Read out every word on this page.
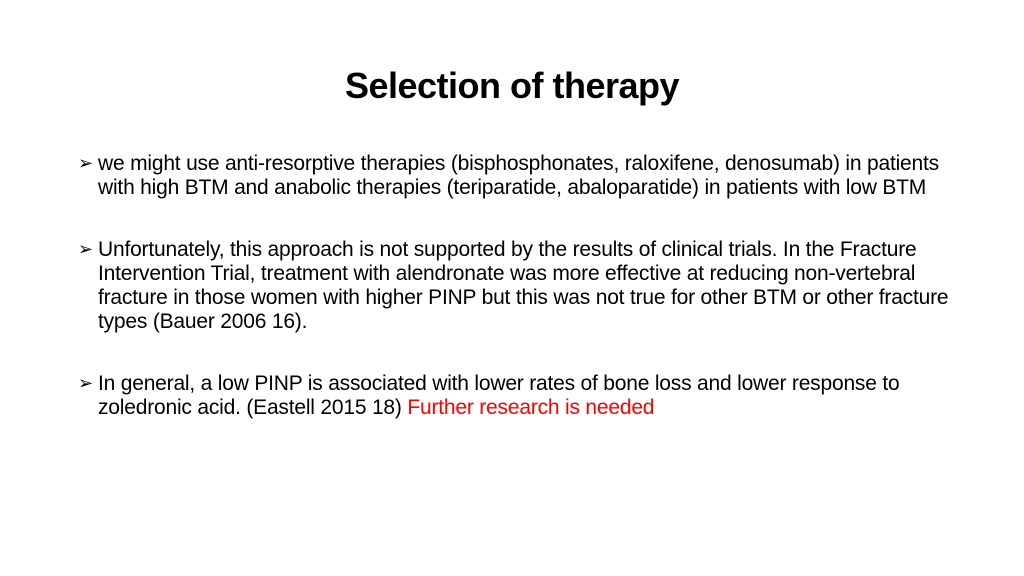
Selection of therapy
➢ we might use anti-resorptive therapies (bisphosphonates, raloxifene, denosumab) in patients with high BTM and anabolic therapies (teriparatide, abaloparatide) in patients with low BTM
➢ Unfortunately, this approach is not supported by the results of clinical trials. In the Fracture Intervention Trial, treatment with alendronate was more effective at reducing non-vertebral fracture in those women with higher PINP but this was not true for other BTM or other fracture types (Bauer 2006 16).
➢ In general, a low PINP is associated with lower rates of bone loss and lower response to zoledronic acid. (Eastell 2015 18) Further research is needed
